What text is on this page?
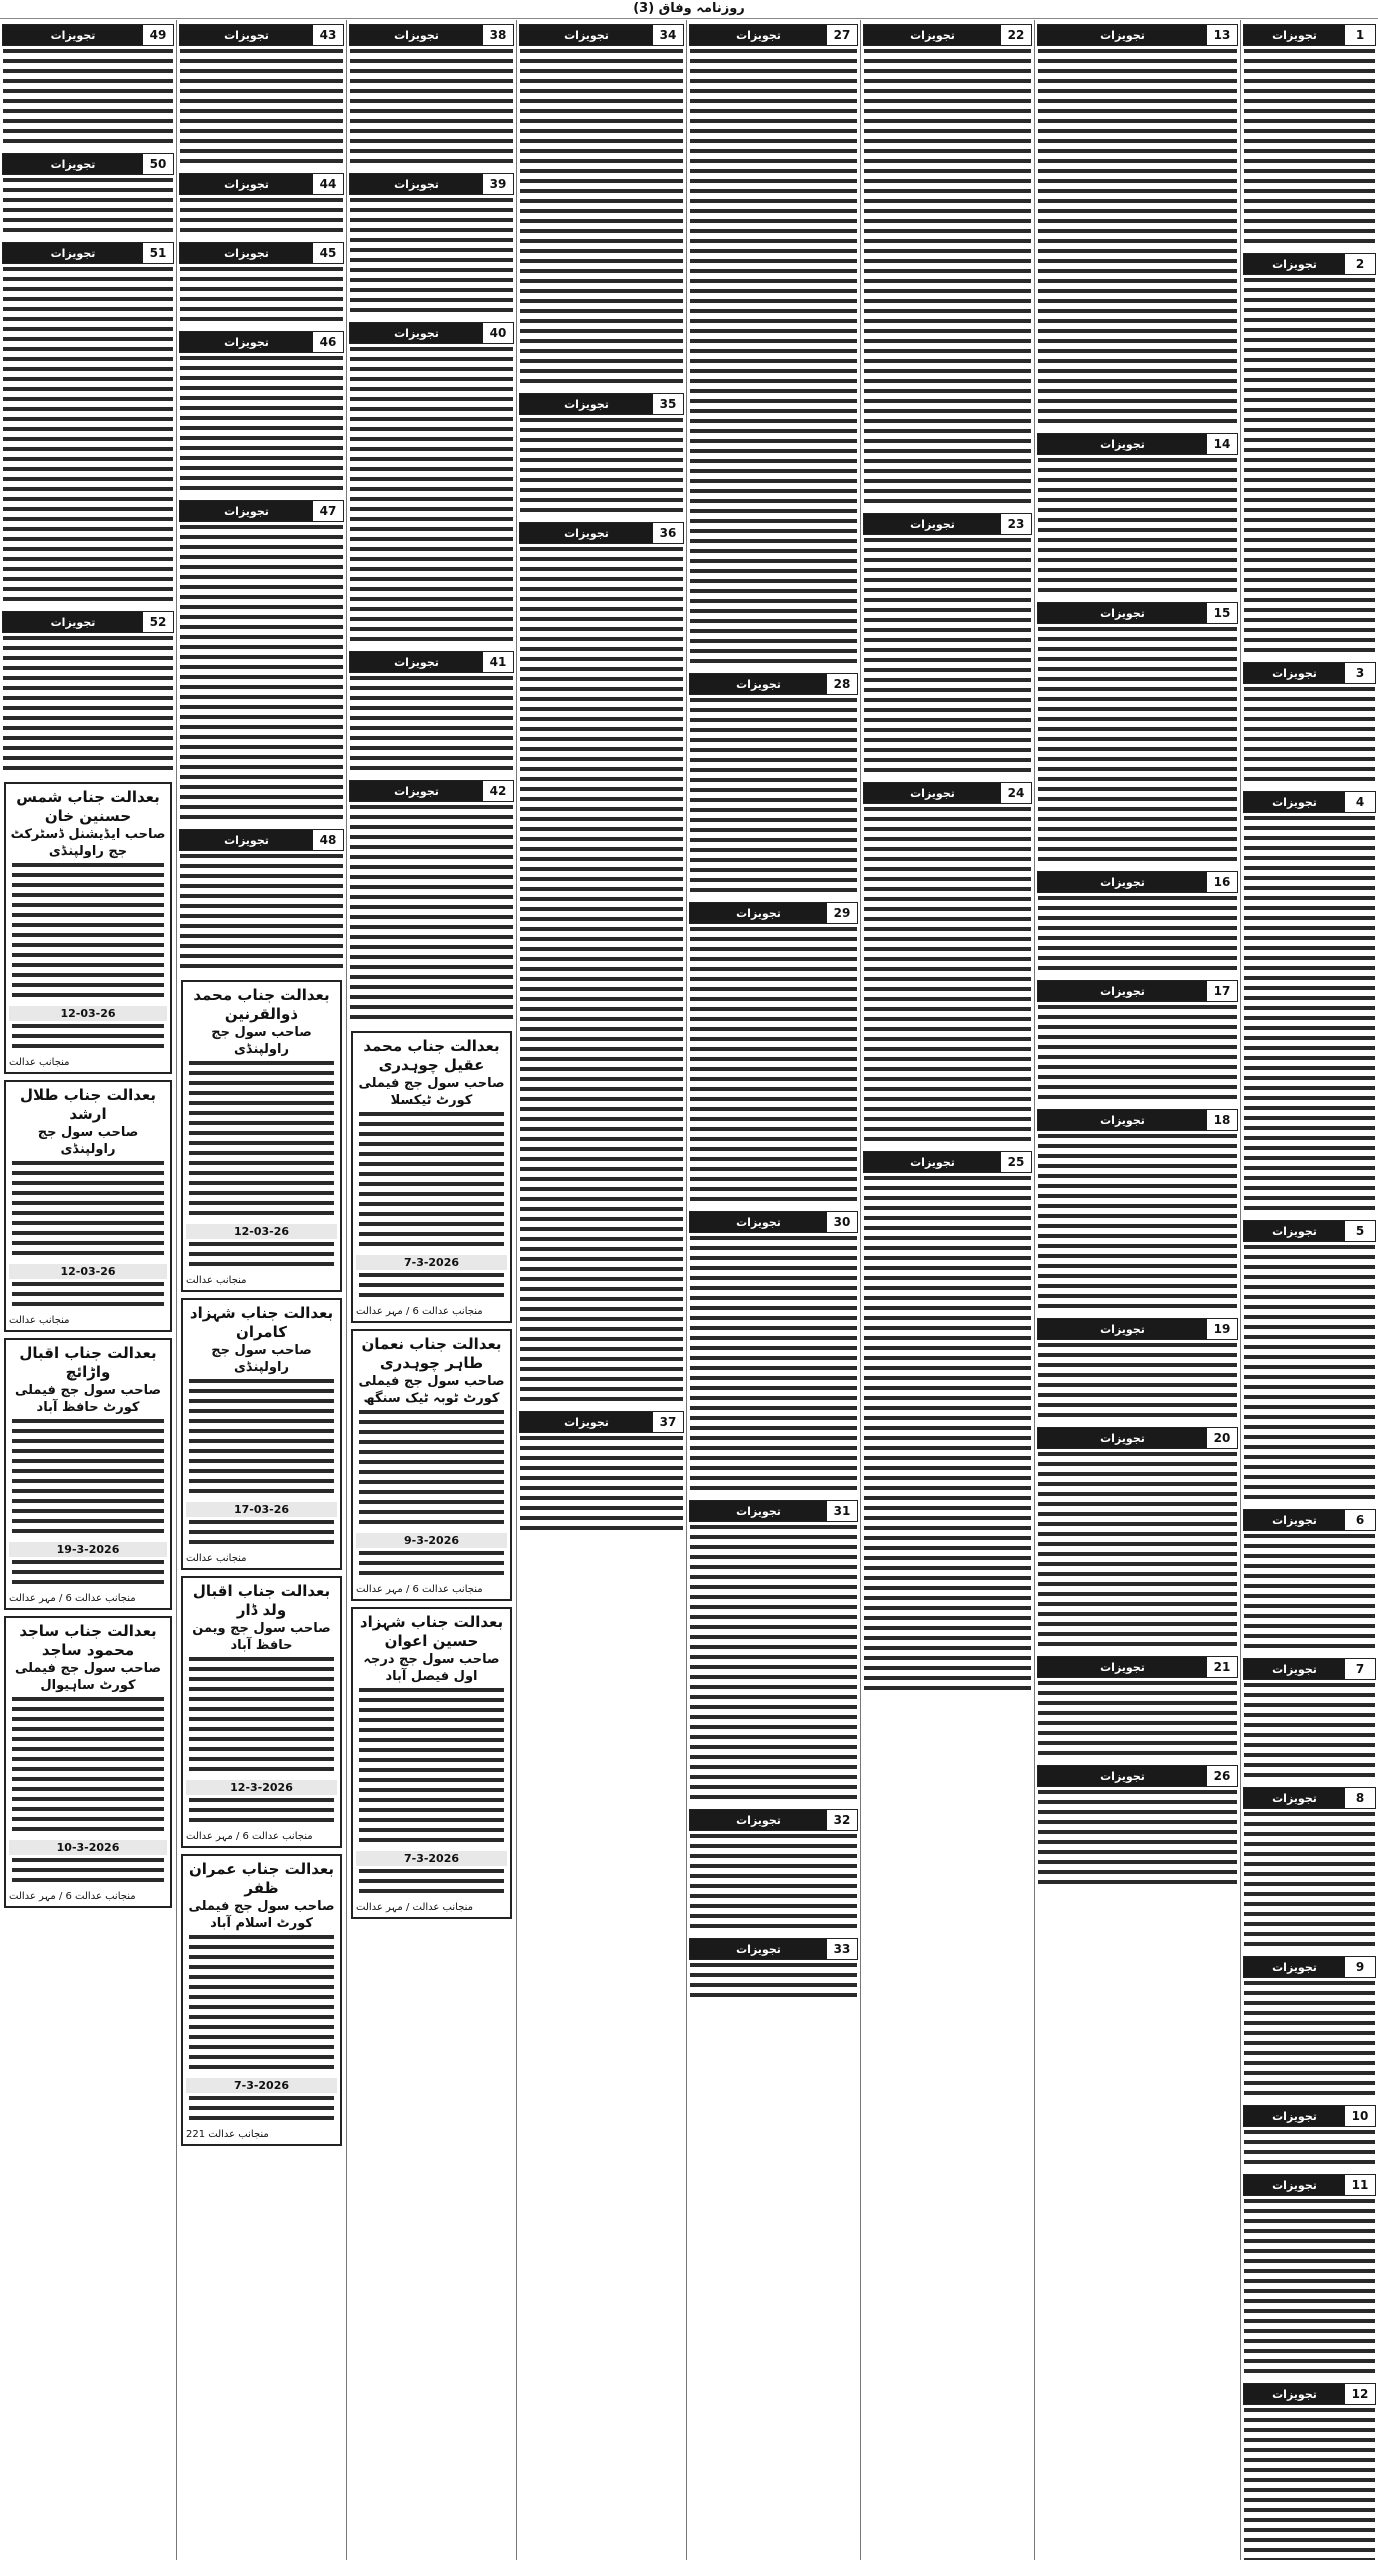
روزنامہ وفاق (3)
1
تجویزات
2
تجویزات
3
تجویزات
4
تجویزات
5
تجویزات
6
تجویزات
7
تجویزات
8
تجویزات
9
تجویزات
10
تجویزات
11
تجویزات
12
تجویزات
13
تجویزات
14
تجویزات
15
تجویزات
16
تجویزات
17
تجویزات
18
تجویزات
19
تجویزات
20
تجویزات
21
تجویزات
26
تجویزات
22
تجویزات
23
تجویزات
24
تجویزات
25
تجویزات
27
تجویزات
28
تجویزات
29
تجویزات
30
تجویزات
31
تجویزات
32
تجویزات
33
تجویزات
34
تجویزات
35
تجویزات
36
تجویزات
37
تجویزات
38
تجویزات
39
تجویزات
40
تجویزات
41
تجویزات
42
تجویزات
بعدالت جناب محمد عقیل چوہدری
صاحب سول جج فیملی کورٹ ٹیکسلا
7-3-2026
منجانب عدالت 6 / مہر عدالت
بعدالت جناب نعمان طاہر چوہدری
صاحب سول جج فیملی کورٹ ٹوبہ ٹیک سنگھ
9-3-2026
منجانب عدالت 6 / مہر عدالت
بعدالت جناب شہزاد حسین اعوان
صاحب سول جج درجہ اول فیصل آباد
7-3-2026
منجانب عدالت / مہر عدالت
43
تجویزات
44
تجویزات
45
تجویزات
46
تجویزات
47
تجویزات
48
تجویزات
بعدالت جناب محمد ذوالقرنین
صاحب سول جج راولپنڈی
12-03-26
منجانب عدالت
بعدالت جناب شہزاد کامران
صاحب سول جج راولپنڈی
17-03-26
منجانب عدالت
بعدالت جناب اقبال ولد ڈار
صاحب سول جج ویمن حافظ آباد
12-3-2026
منجانب عدالت 6 / مہر عدالت
بعدالت جناب عمران ظفر
صاحب سول جج فیملی کورٹ اسلام آباد
7-3-2026
منجانب عدالت 221
49
تجویزات
50
تجویزات
51
تجویزات
52
تجویزات
بعدالت جناب شمس حسنین خان
صاحب ایڈیشنل ڈسٹرکٹ جج راولپنڈی
12-03-26
منجانب عدالت
بعدالت جناب طلال ارشد
صاحب سول جج راولپنڈی
12-03-26
منجانب عدالت
بعدالت جناب اقبال واڑائچ
صاحب سول جج فیملی کورٹ حافظ آباد
19-3-2026
منجانب عدالت 6 / مہر عدالت
بعدالت جناب ساجد محمود ساجد
صاحب سول جج فیملی کورٹ ساہیوال
10-3-2026
منجانب عدالت 6 / مہر عدالت
